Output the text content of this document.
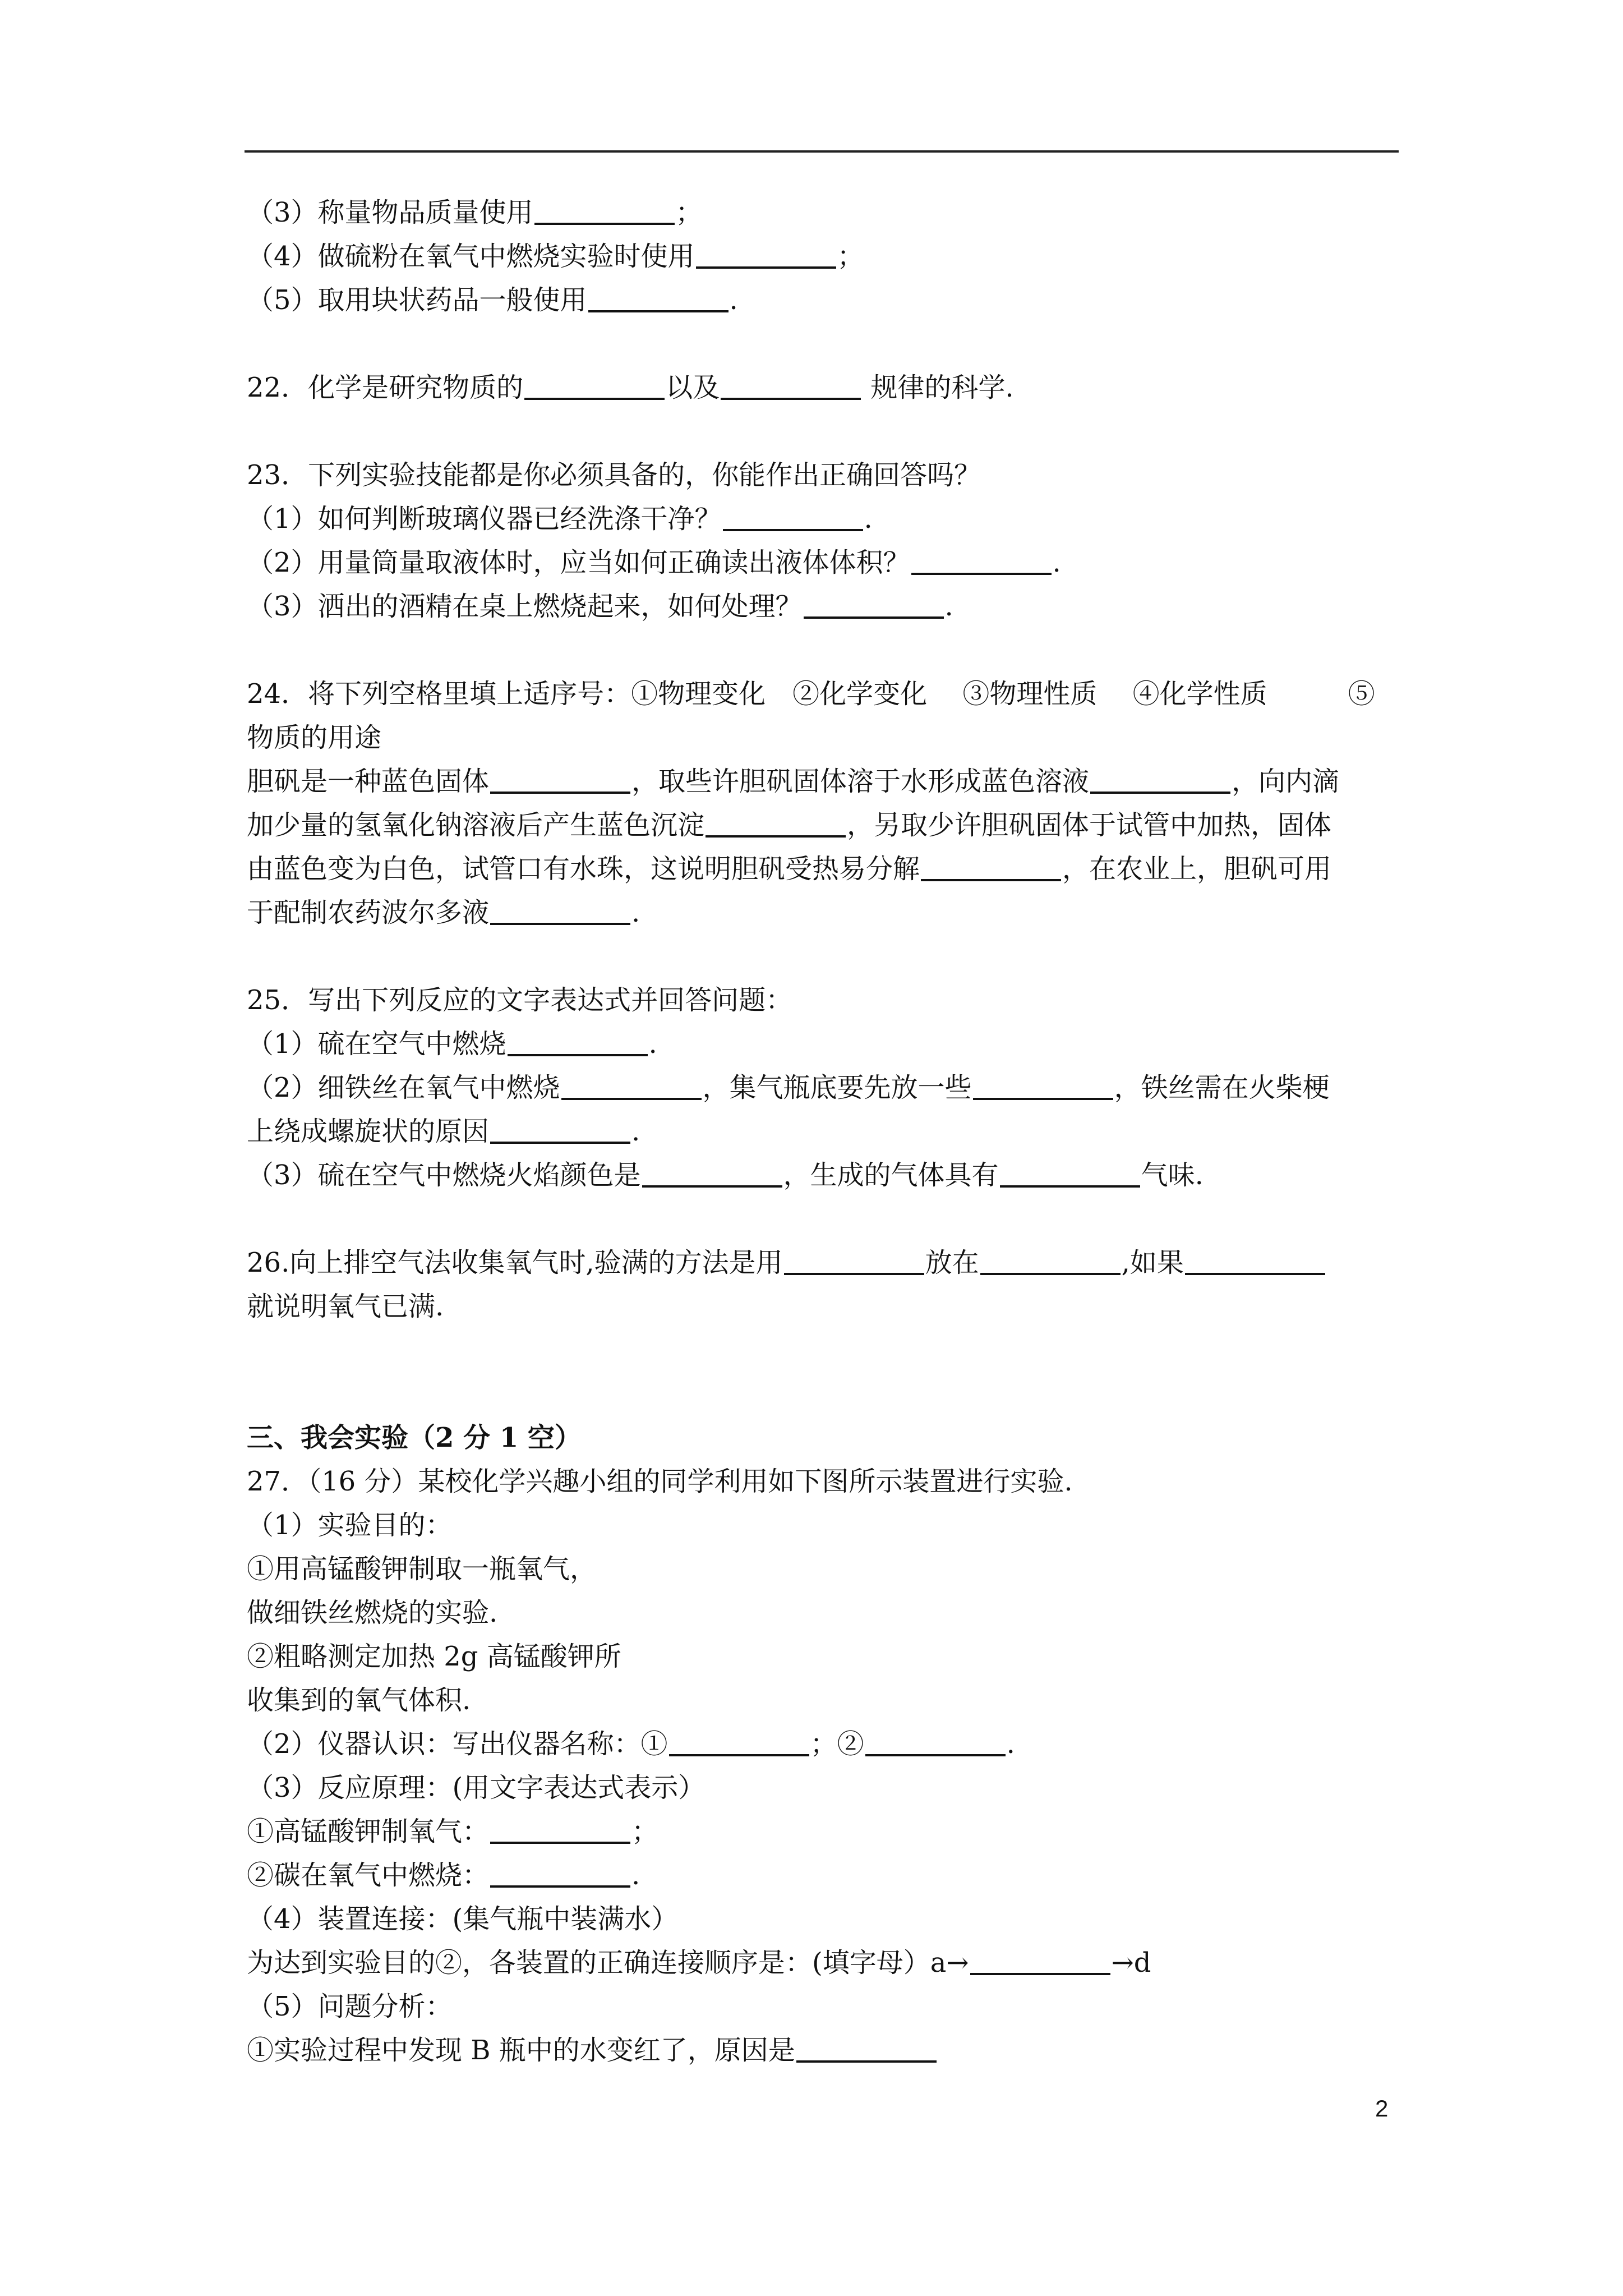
（3）称量物品质量使用	；
（4）做硫粉在氧气中燃烧实验时使用	；
（5）取用块状药品一般使用	.
22．化学是研究物质的	以及	规律的科学.
23．下列实验技能都是你必须具备的，你能作出正确回答吗？
（1）如何判断玻璃仪器已经洗涤干净？	.
（2）用量筒量取液体时，应当如何正确读出液体体积？	.
（3）洒出的酒精在桌上燃烧起来，如何处理？	.
24．将下列空格里填上适序号：①物理变化　②化学变化　 ③物理性质　 ④化学性质　　　⑤
物质的用途
胆矾是一种蓝色固体	，取些许胆矾固体溶于水形成蓝色溶液	，向内滴
加少量的氢氧化钠溶液后产生蓝色沉淀	，另取少许胆矾固体于试管中加热，固体
由蓝色变为白色，试管口有水珠，这说明胆矾受热易分解	，在农业上，胆矾可用
于配制农药波尔多液	.
25．写出下列反应的文字表达式并回答问题：
（1）硫在空气中燃烧	.
（2）细铁丝在氧气中燃烧	，集气瓶底要先放一些	，铁丝需在火柴梗
上绕成螺旋状的原因	.
（3）硫在空气中燃烧火焰颜色是	，生成的气体具有	气味.
26.向上排空气法收集氧气时,验满的方法是用	放在	,如果
就说明氧气已满.
三、我会实验（2 分 1 空）
27．（16 分）某校化学兴趣小组的同学利用如下图所示装置进行实验.
（1）实验目的：
①用高锰酸钾制取一瓶氧气，
做细铁丝燃烧的实验.
②粗略测定加热 2g 高锰酸钾所
收集到的氧气体积.
（2）仪器认识：写出仪器名称：①	；②	.
（3）反应原理：(用文字表达式表示）
①高锰酸钾制氧气：	；
②碳在氧气中燃烧：	.
（4）装置连接：(集气瓶中装满水）
为达到实验目的②，各装置的正确连接顺序是：(填字母）a→	→d
（5）问题分析：
①实验过程中发现 B 瓶中的水变红了，原因是
2
